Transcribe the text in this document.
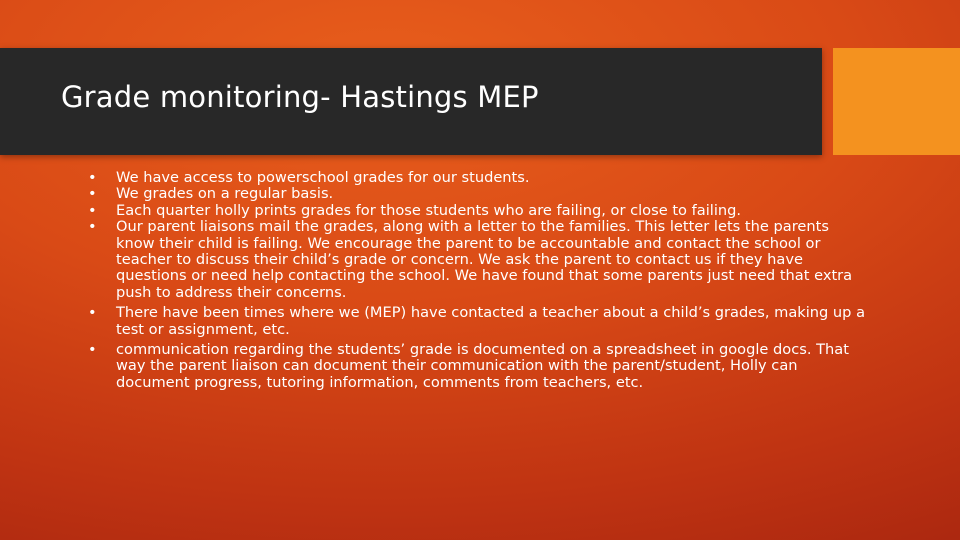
Grade monitoring- Hastings MEP
• We have access to powerschool grades for our students.
• We grades on a regular basis.
• Each quarter holly prints grades for those students who are failing, or close to failing.
• Our parent liaisons mail the grades, along with a letter to the families. This letter lets the parents know their child is failing. We encourage the parent to be accountable and contact the school or teacher to discuss their child’s grade or concern. We ask the parent to contact us if they have questions or need help contacting the school. We have found that some parents just need that extra push to address their concerns.
• There have been times where we (MEP) have contacted a teacher about a child’s grades, making up a test or assignment, etc.
• communication regarding the students’ grade is documented on a spreadsheet in google docs. That way the parent liaison can document their communication with the parent/student, Holly can document progress, tutoring information, comments from teachers, etc.
